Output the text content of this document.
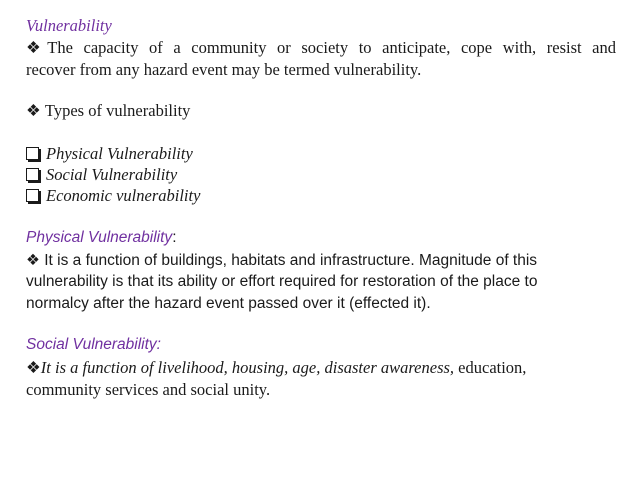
Vulnerability
❖The capacity of a community or society to anticipate, cope with, resist and
recover from any hazard event may be termed vulnerability.
❖ Types of vulnerability
Physical Vulnerability
Social Vulnerability
Economic vulnerability
Physical Vulnerability:
❖ It is a function of buildings, habitats and infrastructure. Magnitude of this
vulnerability is that its ability or effort required for restoration of the place to
normalcy after the hazard event passed over it (effected it).
Social Vulnerability:
❖It is a function of livelihood, housing, age, disaster awareness, education,
community services and social unity.
